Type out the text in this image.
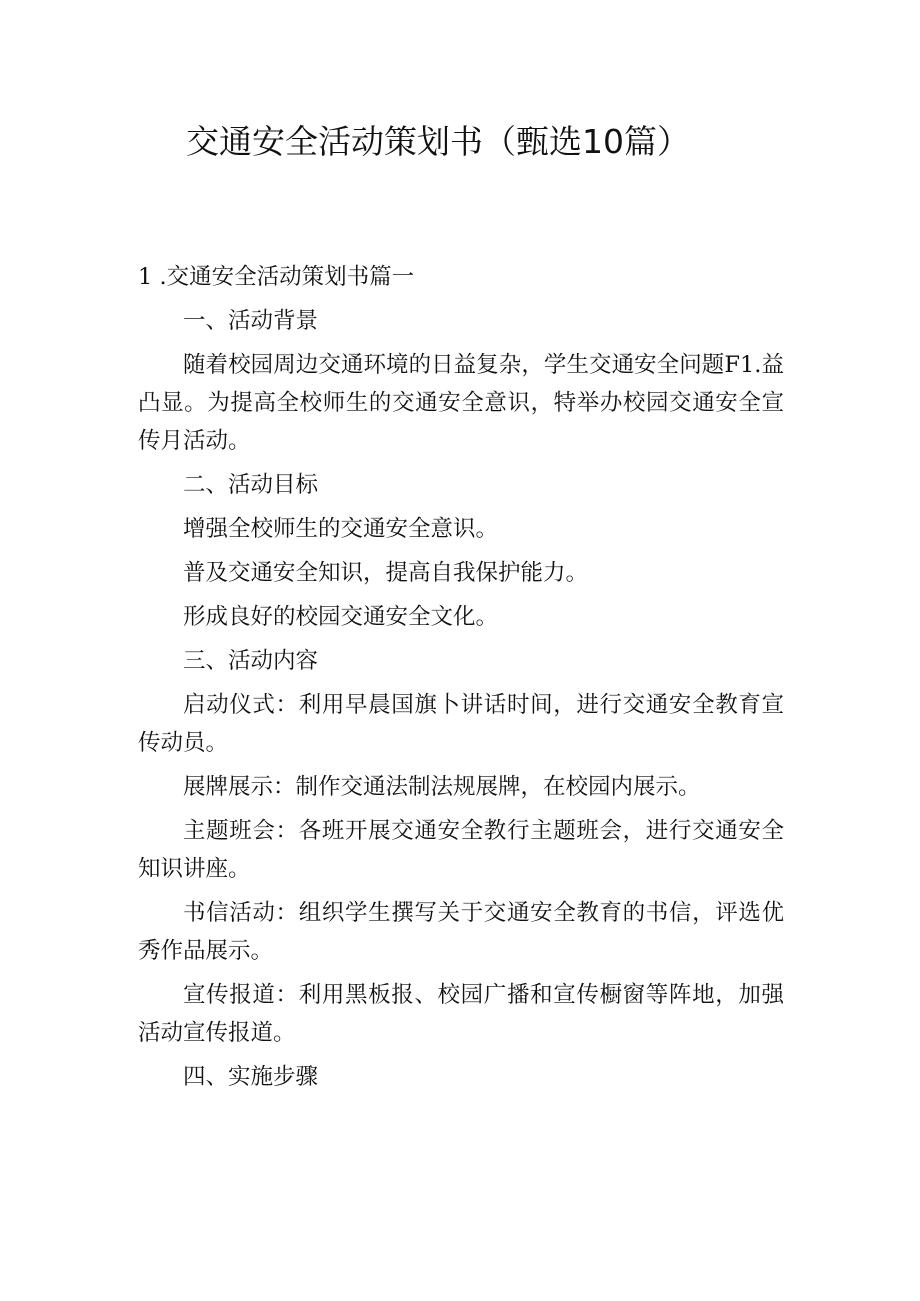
交通安全活动策划书（甄选10篇）

1 .交通安全活动策划书篇一

一、活动背景

随着校园周边交通环境的日益复杂，学生交通安全问题F1.益凸显。为提高全校师生的交通安全意识，特举办校园交通安全宣传月活动。

二、活动目标

增强全校师生的交通安全意识。

普及交通安全知识，提高自我保护能力。

形成良好的校园交通安全文化。

三、活动内容

启动仪式：利用早晨国旗卜讲话时间，进行交通安全教育宣传动员。

展牌展示：制作交通法制法规展牌，在校园内展示。

主题班会：各班开展交通安全教行主题班会，进行交通安全知识讲座。

书信活动：组织学生撰写关于交通安全教育的书信，评选优秀作品展示。

宣传报道：利用黑板报、校园广播和宣传橱窗等阵地，加强活动宣传报道。

四、实施步骤
